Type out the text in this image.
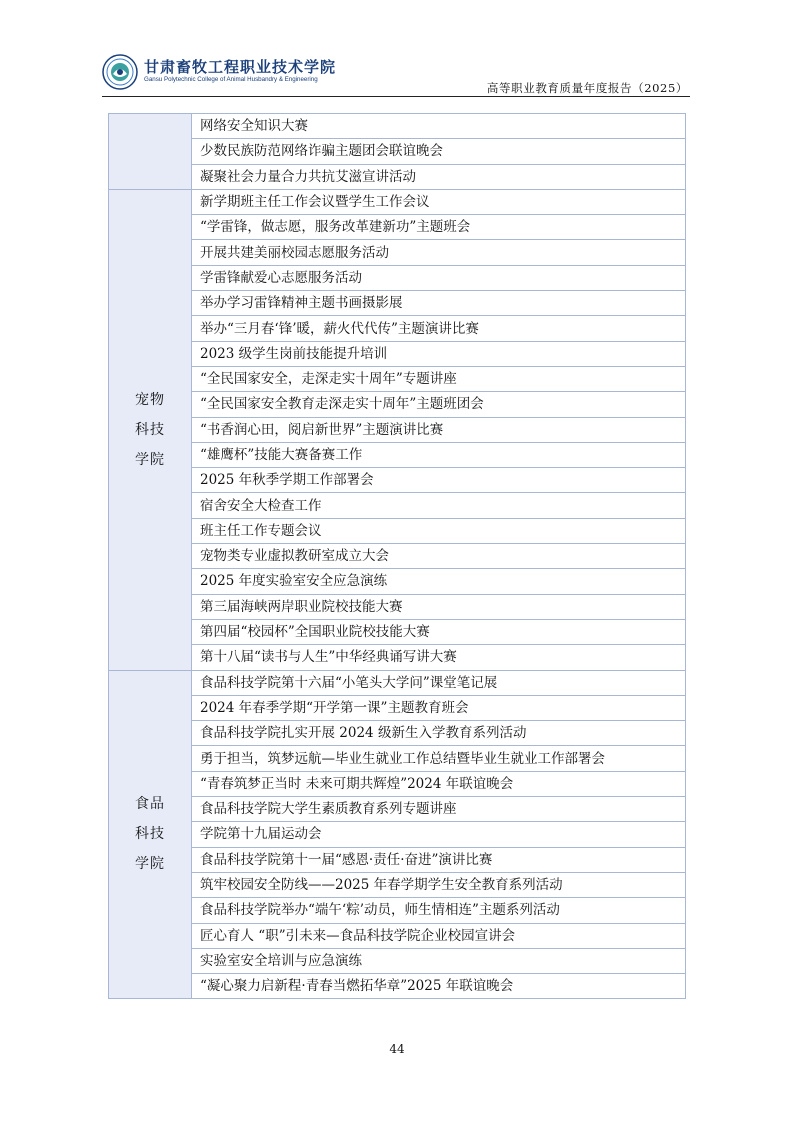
甘肃畜牧工程职业技术学院
Gansu Polytechnic College of Animal Husbandry & Engineering
高等职业教育质量年度报告（2025）
	网络安全知识大赛
	少数民族防范网络诈骗主题团会联谊晚会
	凝聚社会力量合力共抗艾滋宣讲活动

宠物科技学院	新学期班主任工作会议暨学生工作会议
	“学雷锋，做志愿，服务改革建新功”主题班会
	开展共建美丽校园志愿服务活动
	学雷锋献爱心志愿服务活动
	举办学习雷锋精神主题书画摄影展
	举办“三月春‘锋’暖，薪火代代传”主题演讲比赛
	2023 级学生岗前技能提升培训
	“全民国家安全，走深走实十周年”专题讲座
	“全民国家安全教育走深走实十周年”主题班团会
	“书香润心田，阅启新世界”主题演讲比赛
	“雄鹰杯”技能大赛备赛工作
	2025 年秋季学期工作部署会
	宿舍安全大检查工作
	班主任工作专题会议
	宠物类专业虚拟教研室成立大会
	2025 年度实验室安全应急演练
	第三届海峡两岸职业院校技能大赛
	第四届“校园杯”全国职业院校技能大赛
	第十八届“读书与人生”中华经典诵写讲大赛

食品科技学院	食品科技学院第十六届“小笔头大学问”课堂笔记展
	2024 年春季学期“开学第一课”主题教育班会
	食品科技学院扎实开展 2024 级新生入学教育系列活动
	勇于担当，筑梦远航—毕业生就业工作总结暨毕业生就业工作部署会
	“青春筑梦正当时 未来可期共辉煌”2024 年联谊晚会
	食品科技学院大学生素质教育系列专题讲座
	学院第十九届运动会
	食品科技学院第十一届“感恩·责任·奋进”演讲比赛
	筑牢校园安全防线——2025 年春学期学生安全教育系列活动
	食品科技学院举办“端午‘粽’动员，师生情相连”主题系列活动
	匠心育人 “职”引未来—食品科技学院企业校园宣讲会
	实验室安全培训与应急演练
	“凝心聚力启新程·青春当燃拓华章”2025 年联谊晚会
44
